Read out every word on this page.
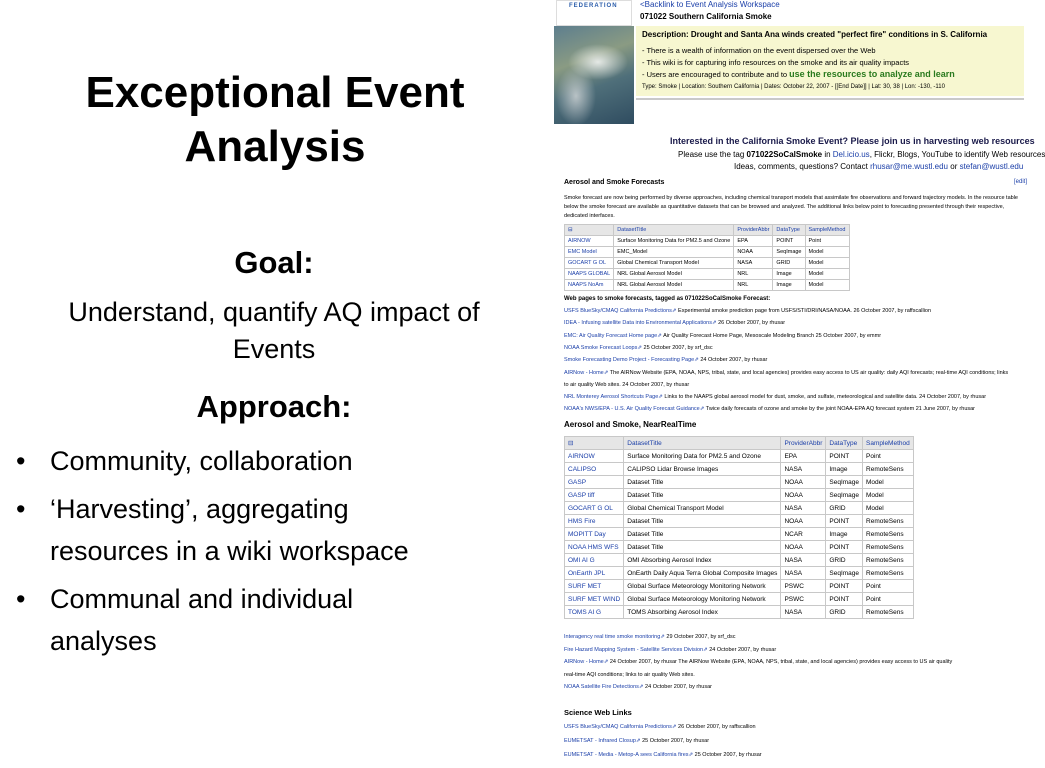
Exceptional Event
Analysis
Goal:
Understand, quantify AQ impact of
Events
Approach:
• Community, collaboration
• ‘Harvesting’, aggregating
resources in a wiki workspace
• Communal and individual
analyses
FEDERATION	<Backlink to Event Analysis Workspace
071022 Southern California Smoke
Description: Drought and Santa Ana winds created "perfect fire" conditions in S. California
- There is a wealth of information on the event dispersed over the Web
- This wiki is for capturing info resources on the smoke and its air quality impacts
- Users are encouraged to contribute and to use the resources to analyze and learn
Type: Smoke | Location: Southern California | Dates: October 22, 2007 - [[End Date]] | Lat: 30, 38 | Lon: -130, -110
Interested in the California Smoke Event? Please join us in harvesting web resources
Please use the tag 071022SoCalSmoke in Del.icio.us, Flickr, Blogs, YouTube to identify Web resources
Ideas, comments, questions? Contact rhusar@me.wustl.edu or stefan@wustl.edu
Aerosol and Smoke Forecasts	[edit]
Smoke forecast are now being performed by diverse approaches, including chemical transport models that assimilate fire observations and forward trajectory models. In the resource table below the smoke forecast are available as quantitative datasets that can be browsed and analyzed. The additional links below point to forecasting presented through their respective, dedicated interfaces.
⊟	DatasetTitle	ProviderAbbr	DataType	SampleMethod
AIRNOW	Surface Monitoring Data for PM2.5 and Ozone	EPA	POINT	Point
EMC Model	EMC_Model	NOAA	SeqImage	Model
GOCART G OL	Global Chemical Transport Model	NASA	GRID	Model
NAAPS GLOBAL	NRL Global Aerosol Model	NRL	Image	Model
NAAPS NoAm	NRL Global Aerosol Model	NRL	Image	Model
Web pages to smoke forecasts, tagged as 071022SoCalSmoke Forecast:
USFS BlueSky/CMAQ California Predictions⇗ Experimental smoke prediction page from USFS/STI/DRI/NASA/NOAA. 26 October 2007, by raffscallion
IDEA - Infusing satellite Data into Environmental Applications⇗ 26 October 2007, by rhusar
EMC: Air Quality Forecast Home page⇗ Air Quality Forecast Home Page, Mesoscale Modeling Branch 25 October 2007, by emmr
NOAA Smoke Forecast Loops⇗ 25 October 2007, by srf_dsc
Smoke Forecasting Demo Project - Forecasting Page⇗ 24 October 2007, by rhusar
AIRNow - Home⇗ The AIRNow Website (EPA, NOAA, NPS, tribal, state, and local agencies) provides easy access to US air quality: daily AQI forecasts; real-time AQI conditions; links
to air quality Web sites. 24 October 2007, by rhusar
NRL Monterey Aerosol Shortcuts Page⇗ Links to the NAAPS global aerosol model for dust, smoke, and sulfate, meteorological and satellite data. 24 October 2007, by rhusar
NOAA's NWS/EPA - U.S. Air Quality Forecast Guidance⇗ Twice daily forecasts of ozone and smoke by the joint NOAA-EPA AQ forecast system 21 June 2007, by rhusar
Aerosol and Smoke, NearRealTime
⊟	DatasetTitle	ProviderAbbr	DataType	SampleMethod
AIRNOW	Surface Monitoring Data for PM2.5 and Ozone	EPA	POINT	Point
CALIPSO	CALIPSO Lidar Browse Images	NASA	Image	RemoteSens
GASP	Dataset Title	NOAA	SeqImage	Model
GASP tiff	Dataset Title	NOAA	SeqImage	Model
GOCART G OL	Global Chemical Transport Model	NASA	GRID	Model
HMS Fire	Dataset Title	NOAA	POINT	RemoteSens
MOPITT Day	Dataset Title	NCAR	Image	RemoteSens
NOAA HMS WFS	Dataset Title	NOAA	POINT	RemoteSens
OMI AI G	OMI Absorbing Aerosol Index	NASA	GRID	RemoteSens
OnEarth JPL	OnEarth Daily Aqua Terra Global Composite Images	NASA	SeqImage	RemoteSens
SURF MET	Global Surface Meteorology Monitoring Network	PSWC	POINT	Point
SURF MET WIND	Global Surface Meteorology Monitoring Network	PSWC	POINT	Point
TOMS AI G	TOMS Absorbing Aerosol Index	NASA	GRID	RemoteSens
Interagency real time smoke monitoring⇗ 29 October 2007, by srf_dsc
Fire Hazard Mapping System - Satellite Services Division⇗ 24 October 2007, by rhusar
AIRNow - Home⇗ 24 October 2007, by rhusar The AIRNow Website (EPA, NOAA, NPS, tribal, state, and local agencies) provides easy access to US air quality
real-time AQI conditions; links to air quality Web sites.
NOAA Satellite Fire Detections⇗ 24 October 2007, by rhusar
Science Web Links
USFS BlueSky/CMAQ California Predictions⇗ 26 October 2007, by raffscallion
EUMETSAT - Infrared Closup⇗ 25 October 2007, by rhusar
EUMETSAT - Media - Metop-A sees California fires⇗ 25 October 2007, by rhusar
